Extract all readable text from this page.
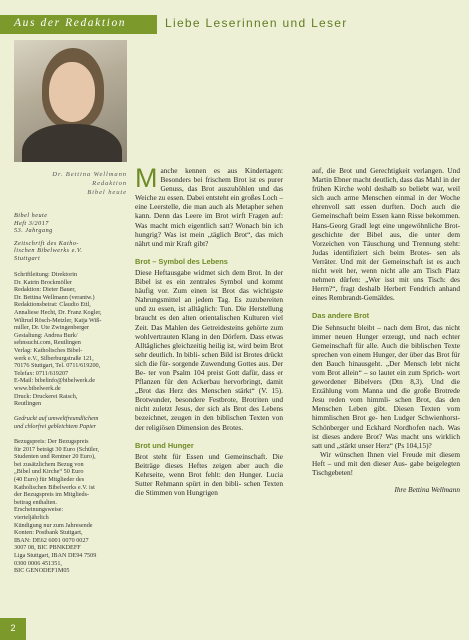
Aus der Redaktion	Liebe Leserinnen und Leser
Dr. Bettina Wellmann
Redaktion
Bibel heute
Bibel heute
Heft 3/2017
53. Jahrgang
Zeitschrift des Katho-
lischen Bibelwerks e.V.
Stuttgart
Schriftleitung: Direktorin
Dr. Katrin Brockmöller
Redaktion: Dieter Bauer,
Dr. Bettina Wellmann (verantw.)
Redaktionsbeirat: Claudio Ettl,
Annaliese Hecht, Dr. Franz Kogler,
Wiltrud Rösch-Metzler, Katja Wiß-
miller, Dr. Ute Zwingenberger
Gestaltung: Andrea Burk/
sehnsucht.com, Reutlingen
Verlag: Katholisches Bibel-
werk e.V., Silberburgstraße 121,
70176 Stuttgart, Tel. 0711/619200,
Telefax: 0711/619207
E-Mail: bibelinfo@bibelwerk.de
www.bibelwerk.de
Druck: Druckerei Raisch,
Reutlingen
Gedruckt auf umweltfreundlichem
und chlorfrei gebleichtem Papier
Bezugspreis: Der Bezugspreis
für 2017 beträgt 30 Euro (Schüler,
Studenten und Rentner 20 Euro),
bei zusätzlichem Bezug von
„Bibel und Kirche“ 50 Euro
(40 Euro) für Mitglieder des
Katholischen Bibelwerks e.V. ist
der Bezugspreis im Mitglieds-
beitrag enthalten.
Erscheinungsweise:
vierteljährlich
Kündigung nur zum Jahresende
Konten: Postbank Stuttgart,
IBAN: DE62 6001 0070 0027
3007 08, BIC PBNKDEFF
Liga Stuttgart, IBAN DE94 7509
0300 0006 451351,
BIC GENODEF1M05
2

Manche kennen es aus Kindertagen: Besonders bei frischem Brot ist es purer Genuss, das Brot auszuhöhlen und das Weiche zu essen. Dabei entsteht ein großes Loch – eine Leerstelle, die man auch als Metapher sehen kann. Denn das Leere im Brot wirft Fragen auf: Was macht mich eigentlich satt? Wonach bin ich hungrig? Was ist mein „täglich Brot“, das mich nährt und mir Kraft gibt?

Brot – Symbol des Lebens

Diese Heftausgabe widmet sich dem Brot. In der Bibel ist es ein zentrales Symbol und kommt häufig vor. Zum einen ist Brot das wichtigste Nahrungsmittel an jedem Tag. Es zuzubereiten und zu essen, ist alltäglich: Tun. Die Herstellung braucht es den alten orientalischen Kulturen viel Zeit. Das Mahlen des Getreidesteins gehörte zum wohlvertrauten Klang in den Dörfern. Dass etwas Alltägliches gleichzeitig heilig ist, wird beim Brot sehr deutlich. In bibli- schen Bild ist Brotes drückt sich die für- sorgende Zuwendung Gottes aus. Der Be- ter von Psalm 104 preist Gott dafür, dass er Pflanzen für den Ackerbau hervorbringt, damit „Brot das Herz des Menschen stärkt“ (V. 15). Brotwunder, besondere Festbrote, Brotriten und nicht zuletzt Jesus, der sich als Brot des Lebens bezeichnet, zeugen in den biblischen Texten von der religiösen Dimension des Brotes.

Brot und Hunger

Brot steht für Essen und Gemeinschaft. Die Beiträge dieses Heftes zeigen aber auch die Kehrseite, wenn Brot fehlt: den Hunger. Lucia Sutter Rehmann spürt in den bibli- schen Texten die Stimmen von Hungrigen

auf, die Brot und Gerechtigkeit verlangen. Und Martin Ebner macht deutlich, dass das Mahl in der frühen Kirche wohl deshalb so beliebt war, weil sich auch arme Menschen einmal in der Woche ehrenvoll satt essen durften. Doch auch die Gemeinschaft beim Essen kann Risse bekommen. Hans-Georg Gradl legt eine ungewöhnliche Brot- geschichte der Bibel aus, die unter dem Vorzeichen von Täuschung und Trennung steht: Judas identifiziert sich beim Brotes- sen als Verräter. Und mit der Gemeinschaft ist es auch nicht weit her, wenn nicht alle am Tisch Platz nehmen dürfen: „Wer isst mit uns Tisch: des Herrn?“, fragt deshalb Herbert Fendrich anhand eines Rembrandt-Gemäldes.

Das andere Brot

Die Sehnsucht bleibt – nach dem Brot, das nicht immer neuen Hunger erzeugt, und nach echter Gemeinschaft für alle. Auch die biblischen Texte sprechen von einem Hunger, der über das Brot für den Bauch hinausgeht. „Der Mensch lebt nicht vom Brot allein“ – so lautet ein zum Sprich- wort gewordener Bibelvers (Dtn 8,3). Und die Erzählung vom Manna und die große Brotrede Jesu reden vom himmli- schen Brot, das den Menschen Leben gibt. Diesen Texten vom himmlischen Brot ge- hen Ludger Schwienhorst-Schönberger und Eckhard Nordhofen nach. Was ist dieses andere Brot? Was macht uns wirklich satt und „stärkt unser Herz“ (Ps 104,15)?

Wir wünschen Ihnen viel Freude mit diesem Heft – und mit den dieser Aus- gabe beigelegten Tischgebeten!

Ihre Bettina Wellmann
